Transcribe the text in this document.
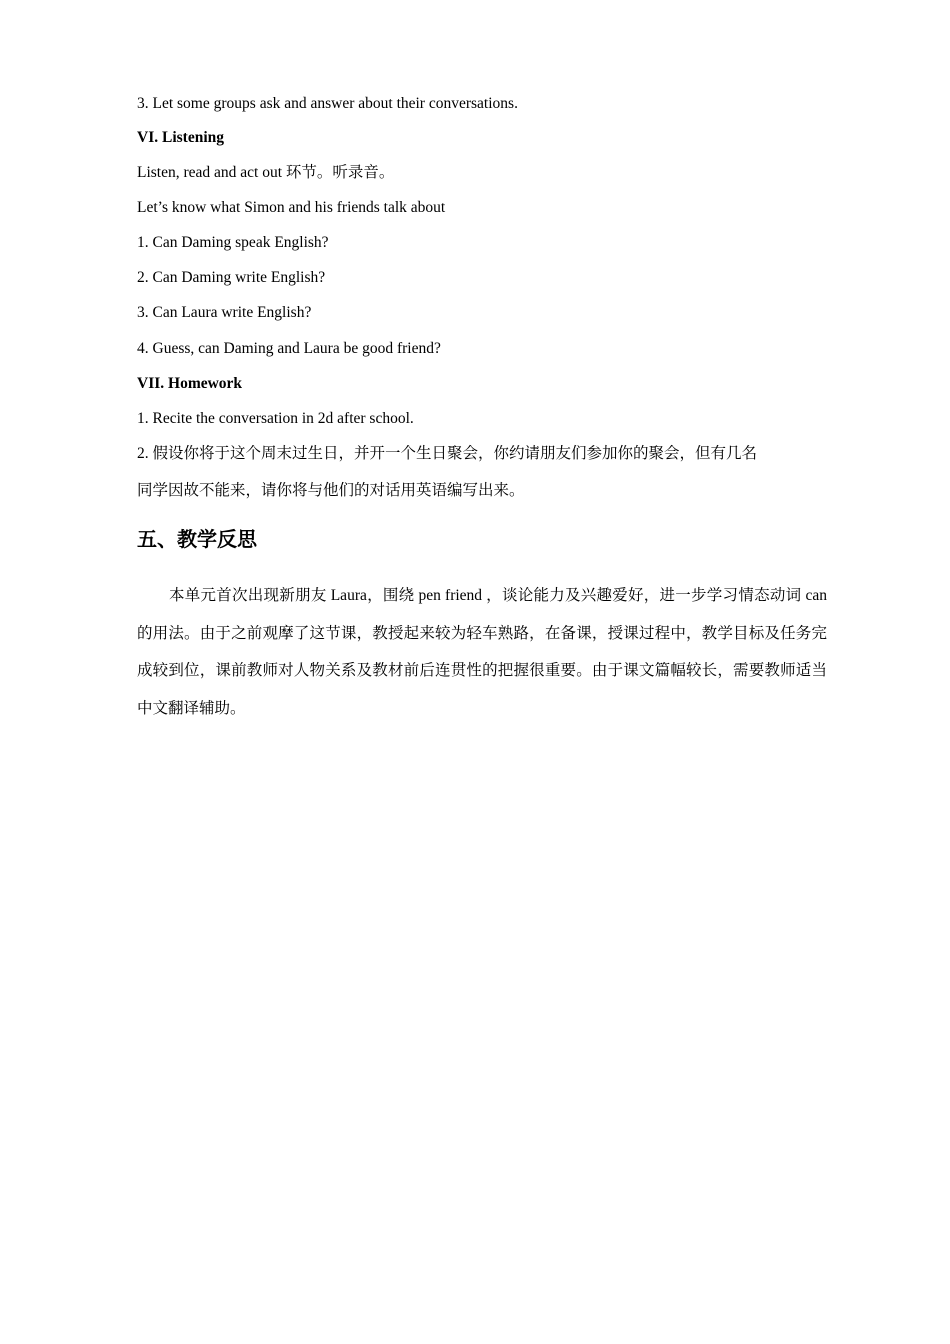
3. Let some groups ask and answer about their conversations.
VI. Listening
Listen, read and act out 环节。听录音。
Let’s know what Simon and his friends talk about
1. Can Daming speak English?
2. Can Daming write English?
3. Can Laura write English?
4. Guess, can Daming and Laura be good friend?
VII. Homework
1. Recite the conversation in 2d after school.
2. 假设你将于这个周末过生日，并开一个生日聚会，你约请朋友们参加你的聚会，但有几名
同学因故不能来，请你将与他们的对话用英语编写出来。
五、教学反思
本单元首次出现新朋友 Laura，围绕 pen friend ，谈论能力及兴趣爱好，进一步学习情态动词 can 的用法。由于之前观摩了这节课，教授起来较为轻车熟路，在备课，授课过程中，教学目标及任务完成较到位，课前教师对人物关系及教材前后连贯性的把握很重要。由于课文篇幅较长，需要教师适当中文翻译辅助。
